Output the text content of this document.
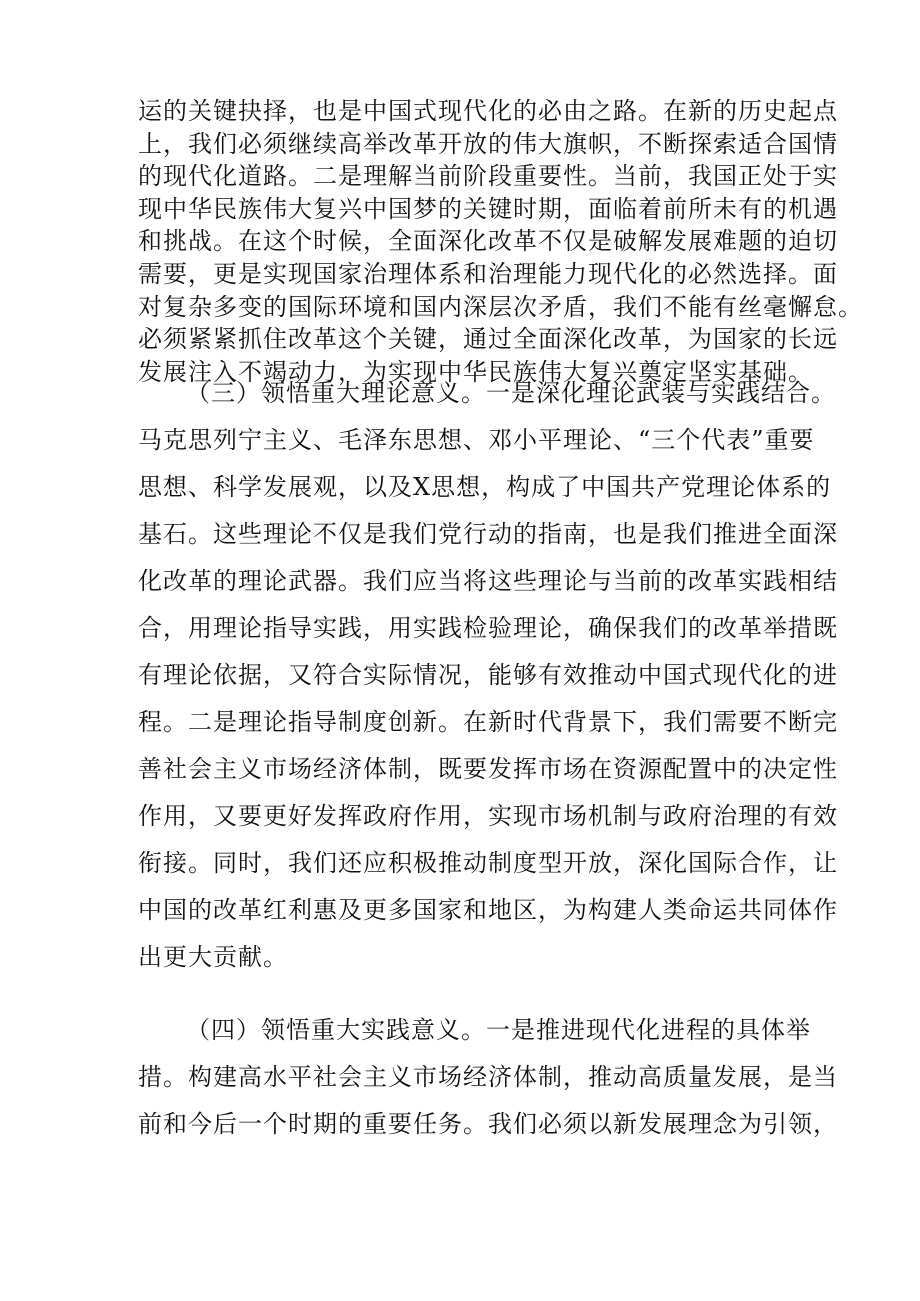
运的关键抉择，也是中国式现代化的必由之路。在新的历史起点
上，我们必须继续高举改革开放的伟大旗帜，不断探索适合国情
的现代化道路。二是理解当前阶段重要性。当前，我国正处于实
现中华民族伟大复兴中国梦的关键时期，面临着前所未有的机遇
和挑战。在这个时候，全面深化改革不仅是破解发展难题的迫切
需要，更是实现国家治理体系和治理能力现代化的必然选择。面
对复杂多变的国际环境和国内深层次矛盾，我们不能有丝毫懈怠。
必须紧紧抓住改革这个关键，通过全面深化改革，为国家的长远
发展注入不竭动力，为实现中华民族伟大复兴奠定坚实基础。
（三）领悟重大理论意义。一是深化理论武装与实践结合。
马克思列宁主义、毛泽东思想、邓小平理论、“三个代表”重要
思想、科学发展观，以及X思想，构成了中国共产党理论体系的
基石。这些理论不仅是我们党行动的指南，也是我们推进全面深
化改革的理论武器。我们应当将这些理论与当前的改革实践相结
合，用理论指导实践，用实践检验理论，确保我们的改革举措既
有理论依据，又符合实际情况，能够有效推动中国式现代化的进
程。二是理论指导制度创新。在新时代背景下，我们需要不断完
善社会主义市场经济体制，既要发挥市场在资源配置中的决定性
作用，又要更好发挥政府作用，实现市场机制与政府治理的有效
衔接。同时，我们还应积极推动制度型开放，深化国际合作，让
中国的改革红利惠及更多国家和地区，为构建人类命运共同体作
出更大贡献。
（四）领悟重大实践意义。一是推进现代化进程的具体举
措。构建高水平社会主义市场经济体制，推动高质量发展，是当
前和今后一个时期的重要任务。我们必须以新发展理念为引领，
